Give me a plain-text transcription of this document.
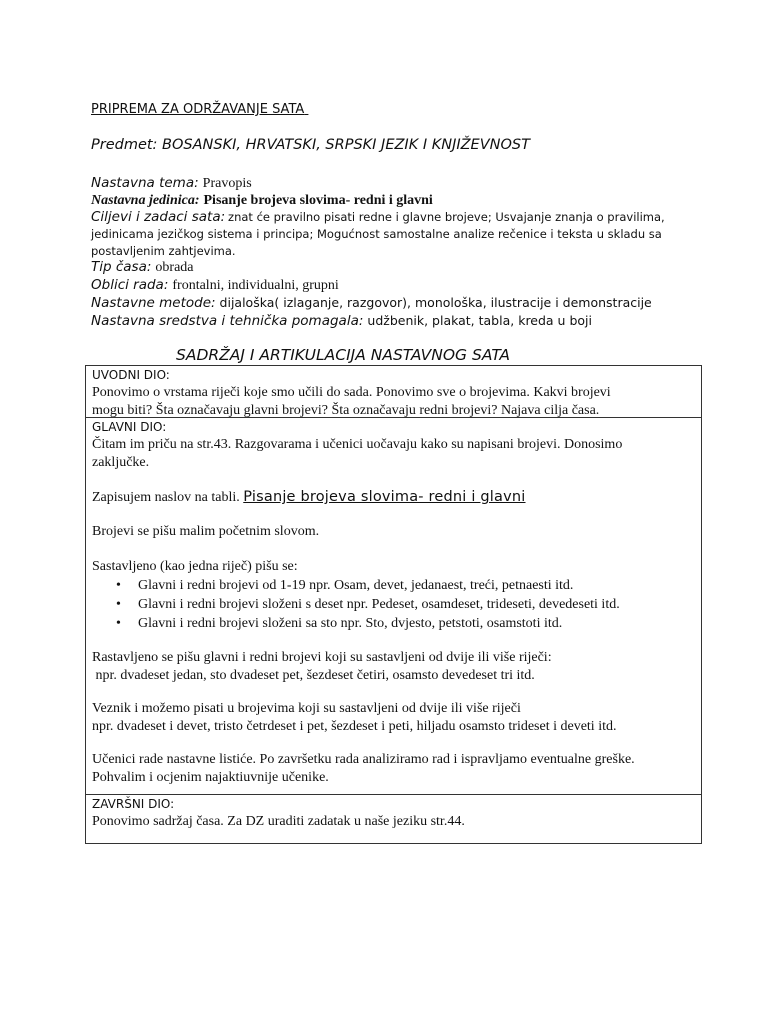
PRIPREMA ZA ODRŽAVANJE SATA
Predmet: BOSANSKI, HRVATSKI, SRPSKI JEZIK I KNJIŽEVNOST
Nastavna tema: Pravopis
Nastavna jedinica: Pisanje brojeva slovima- redni i glavni
Ciljevi i zadaci sata: znat će pravilno pisati redne i glavne brojeve; Usvajanje znanja o pravilima, jedinicama jezičkog sistema i principa; Mogućnost samostalne analize rečenice i teksta u skladu sa postavljenim zahtjevima.
Tip časa: obrada
Oblici rada: frontalni, individualni, grupni
Nastavne metode: dijaloška( izlaganje, razgovor), monološka, ilustracije i demonstracije
Nastavna sredstva i tehnička pomagala: udžbenik, plakat, tabla, kreda u boji
SADRŽAJ I ARTIKULACIJA NASTAVNOG SATA
UVODNI DIO:

Ponovimo o vrstama riječi koje smo učili do sada. Ponovimo sve o brojevima. Kakvi brojevi

mogu biti? Šta označavaju glavni brojevi? Šta označavaju redni brojevi? Najava cilja časa.

GLAVNI DIO:

Čitam im priču na str.43. Razgovarama i učenici uočavaju kako su napisani brojevi. Donosimo

zaključke.

Zapisujem naslov na tabli. Pisanje brojeva slovima- redni i glavni

Brojevi se pišu malim početnim slovom.

Sastavljeno (kao jedna riječ) pišu se:

• Glavni i redni brojevi od 1-19 npr. Osam, devet, jedanaest, treći, petnaesti itd.
• Glavni i redni brojevi složeni s deset npr. Pedeset, osamdeset, trideseti, devedeseti itd.
• Glavni i redni brojevi složeni sa sto npr. Sto, dvjesto, petstoti, osamstoti itd.

Rastavljeno se pišu glavni i redni brojevi koji su sastavljeni od dvije ili više riječi:

npr. dvadeset jedan, sto dvadeset pet, šezdeset četiri, osamsto devedeset tri itd.

Veznik i možemo pisati u brojevima koji su sastavljeni od dvije ili više riječi

npr. dvadeset i devet, tristo četrdeset i pet, šezdeset i peti, hiljadu osamsto trideset i deveti itd.

Učenici rade nastavne listiće. Po završetku rada analiziramo rad i ispravljamo eventualne greške.

Pohvalim i ocjenim najaktiuvnije učenike.

ZAVRŠNI DIO:

Ponovimo sadržaj časa. Za DZ uraditi zadatak u naše jeziku str.44.
